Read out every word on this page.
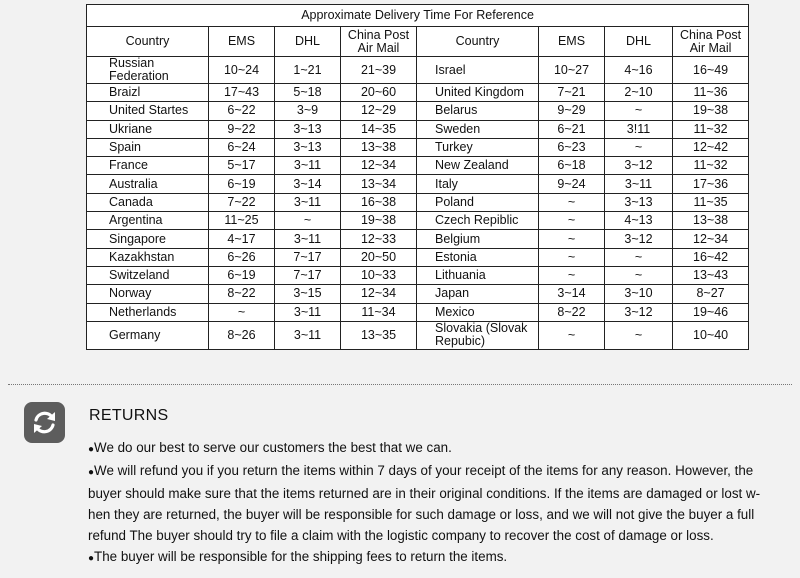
Approximate Delivery Time For Reference							
Country	EMS	DHL	China Post Air Mail	Country	EMS	DHL	China Post Air Mail
Russian Federation	10~24	1~21	21~39	Israel	10~27	4~16	16~49
Braizl	17~43	5~18	20~60	United Kingdom	7~21	2~10	11~36
United Startes	6~22	3~9	12~29	Belarus	9~29	~	19~38
Ukriane	9~22	3~13	14~35	Sweden	6~21	3!11	11~32
Spain	6~24	3~13	13~38	Turkey	6~23	~	12~42
France	5~17	3~11	12~34	New Zealand	6~18	3~12	11~32
Australia	6~19	3~14	13~34	Italy	9~24	3~11	17~36
Canada	7~22	3~11	16~38	Poland	~	3~13	11~35
Argentina	11~25	~	19~38	Czech Repiblic	~	4~13	13~38
Singapore	4~17	3~11	12~33	Belgium	~	3~12	12~34
Kazakhstan	6~26	7~17	20~50	Estonia	~	~	16~42
Switzeland	6~19	7~17	10~33	Lithuania	~	~	13~43
Norway	8~22	3~15	12~34	Japan	3~14	3~10	8~27
Netherlands	~	3~11	11~34	Mexico	8~22	3~12	19~46
Germany	8~26	3~11	13~35	Slovakia (Slovak Repubic)	~	~	10~40
RETURNS

●We do our best to serve our customers the best that we can.

●We will refund you if you return the items within 7 days of your receipt of the items for any reason. However, the buyer should make sure that the items returned are in their original conditions. If the items are damaged or lost w-hen they are returned, the buyer will be responsible for such damage or loss, and we will not give the buyer a full refund The buyer should try to file a claim with the logistic company to recover the cost of damage or loss.

●The buyer will be responsible for the shipping fees to return the items.
